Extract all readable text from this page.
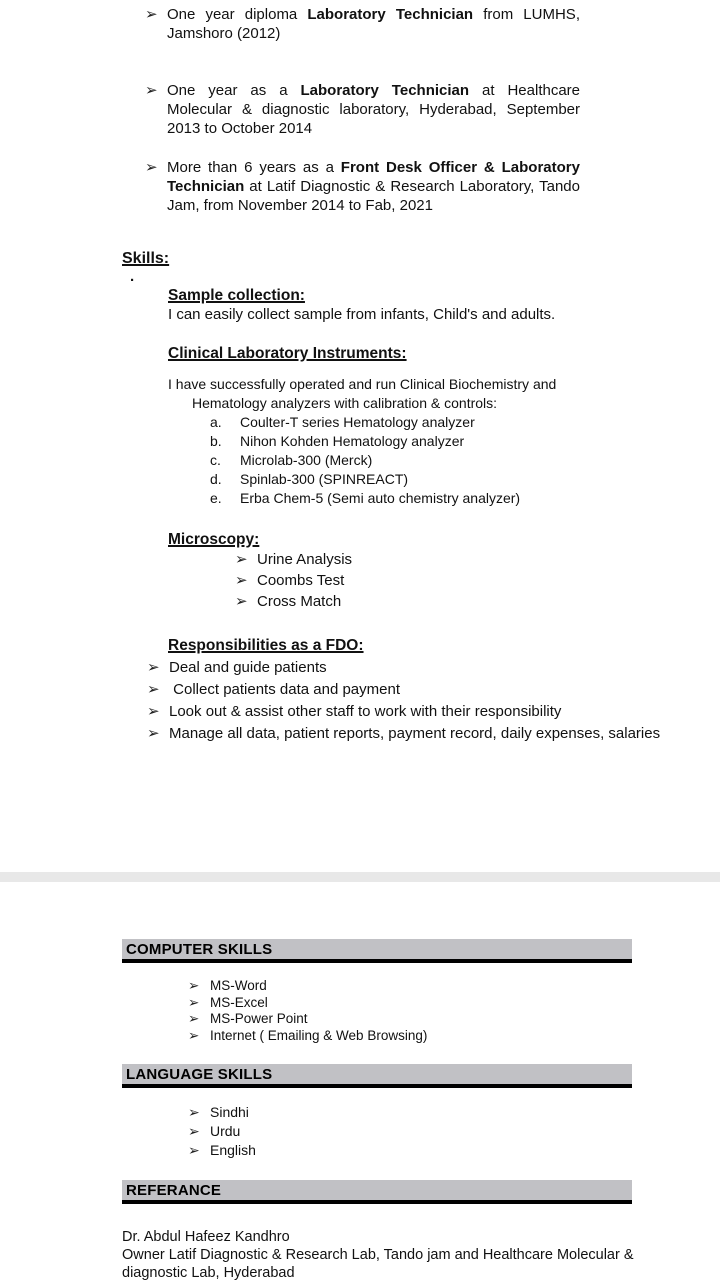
➢ One year diploma Laboratory Technician from LUMHS, Jamshoro (2012)
➢ One year as a Laboratory Technician at Healthcare Molecular & diagnostic laboratory, Hyderabad, September 2013 to October 2014
➢ More than 6 years as a Front Desk Officer & Laboratory Technician at Latif Diagnostic & Research Laboratory, Tando Jam, from November 2014 to Fab, 2021
Skills:
.
Sample collection:
I can easily collect sample from infants, Child's and adults.
Clinical Laboratory Instruments:
I have successfully operated and run Clinical Biochemistry and
Hematology analyzers with calibration & controls:
a.	Coulter-T series Hematology analyzer
b.	Nihon Kohden Hematology analyzer
c.	Microlab-300 (Merck)
d.	Spinlab-300 (SPINREACT)
e.	Erba Chem-5 (Semi auto chemistry analyzer)
Microscopy:
➢ Urine Analysis
➢ Coombs Test
➢ Cross Match
Responsibilities as a FDO:
➢ Deal and guide patients
➢ Collect patients data and payment
➢ Look out & assist other staff to work with their responsibility
➢ Manage all data, patient reports, payment record, daily expenses, salaries
COMPUTER SKILLS
➢ MS-Word
➢ MS-Excel
➢ MS-Power Point
➢ Internet ( Emailing & Web Browsing)
LANGUAGE SKILLS
➢ Sindhi
➢ Urdu
➢ English
REFERANCE
Dr. Abdul Hafeez Kandhro
Owner Latif Diagnostic & Research Lab, Tando jam and Healthcare Molecular & diagnostic Lab, Hyderabad
